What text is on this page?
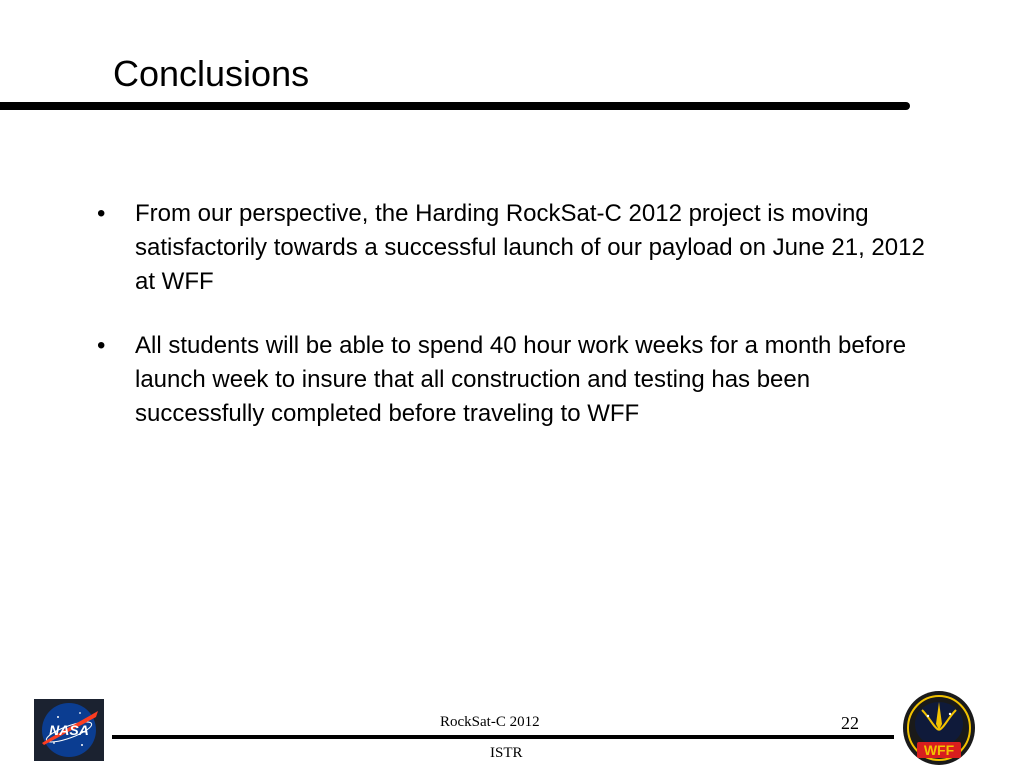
Conclusions
• From our perspective, the Harding RockSat-C 2012 project is moving satisfactorily towards a successful launch of our payload on June 21, 2012 at WFF
• All students will be able to spend 40 hour work weeks for a month before launch week to insure that all construction and testing has been successfully completed before traveling to WFF
NASA	RockSat-C 2012	22
ISTR	WFF
